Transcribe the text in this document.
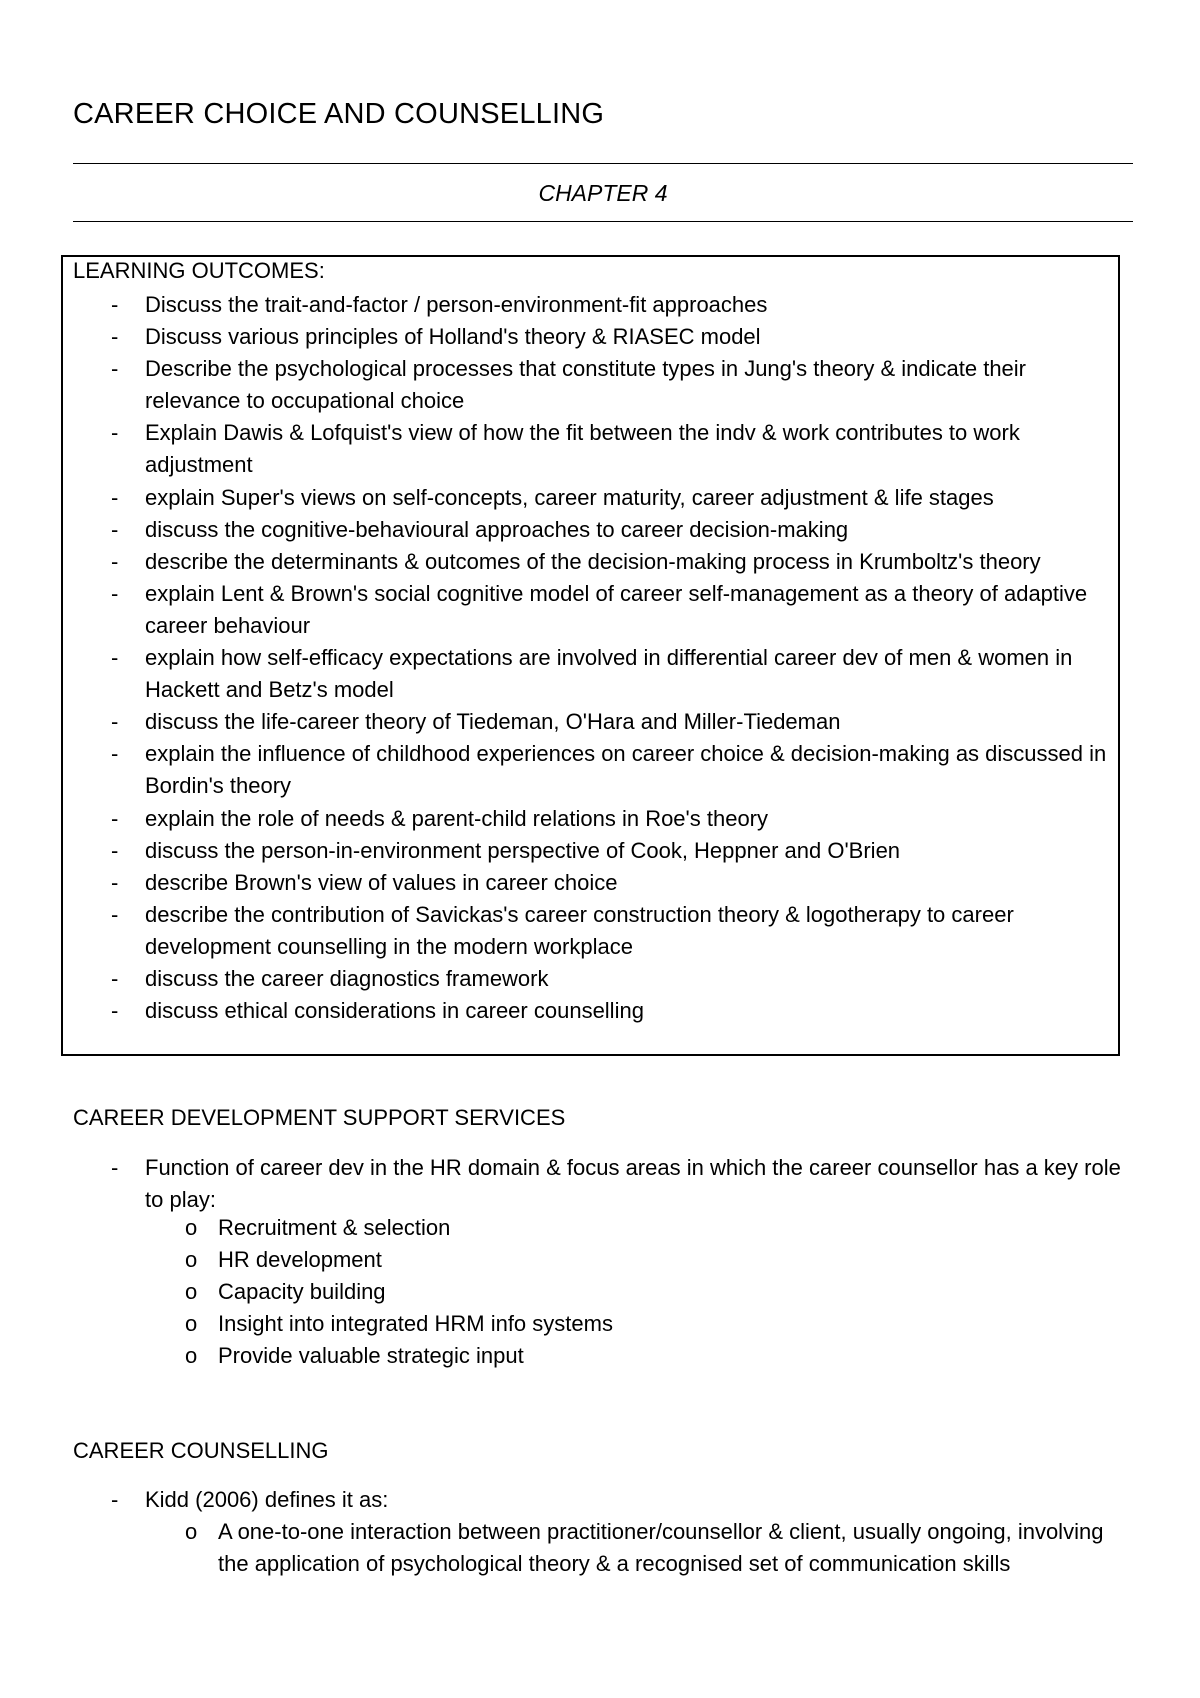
CAREER CHOICE AND COUNSELLING
CHAPTER 4
LEARNING OUTCOMES:
- Discuss the trait-and-factor / person-environment-fit approaches
- Discuss various principles of Holland's theory & RIASEC model
- Describe the psychological processes that constitute types in Jung's theory & indicate their relevance to occupational choice
- Explain Dawis & Lofquist's view of how the fit between the indv & work contributes to work adjustment
- explain Super's views on self-concepts, career maturity, career adjustment & life stages
- discuss the cognitive-behavioural approaches to career decision-making
- describe the determinants & outcomes of the decision-making process in Krumboltz's theory
- explain Lent & Brown's social cognitive model of career self-management as a theory of adaptive career behaviour
- explain how self-efficacy expectations are involved in differential career dev of men & women in Hackett and Betz's model
- discuss the life-career theory of Tiedeman, O'Hara and Miller-Tiedeman
- explain the influence of childhood experiences on career choice & decision-making as discussed in Bordin's theory
- explain the role of needs & parent-child relations in Roe's theory
- discuss the person-in-environment perspective of Cook, Heppner and O'Brien
- describe Brown's view of values in career choice
- describe the contribution of Savickas's career construction theory & logotherapy to career development counselling in the modern workplace
- discuss the career diagnostics framework
- discuss ethical considerations in career counselling
CAREER DEVELOPMENT SUPPORT SERVICES
- Function of career dev in the HR domain & focus areas in which the career counsellor has a key role to play:
o Recruitment & selection
o HR development
o Capacity building
o Insight into integrated HRM info systems
o Provide valuable strategic input
CAREER COUNSELLING
- Kidd (2006) defines it as:
o A one-to-one interaction between practitioner/counsellor & client, usually ongoing, involving the application of psychological theory & a recognised set of communication skills
